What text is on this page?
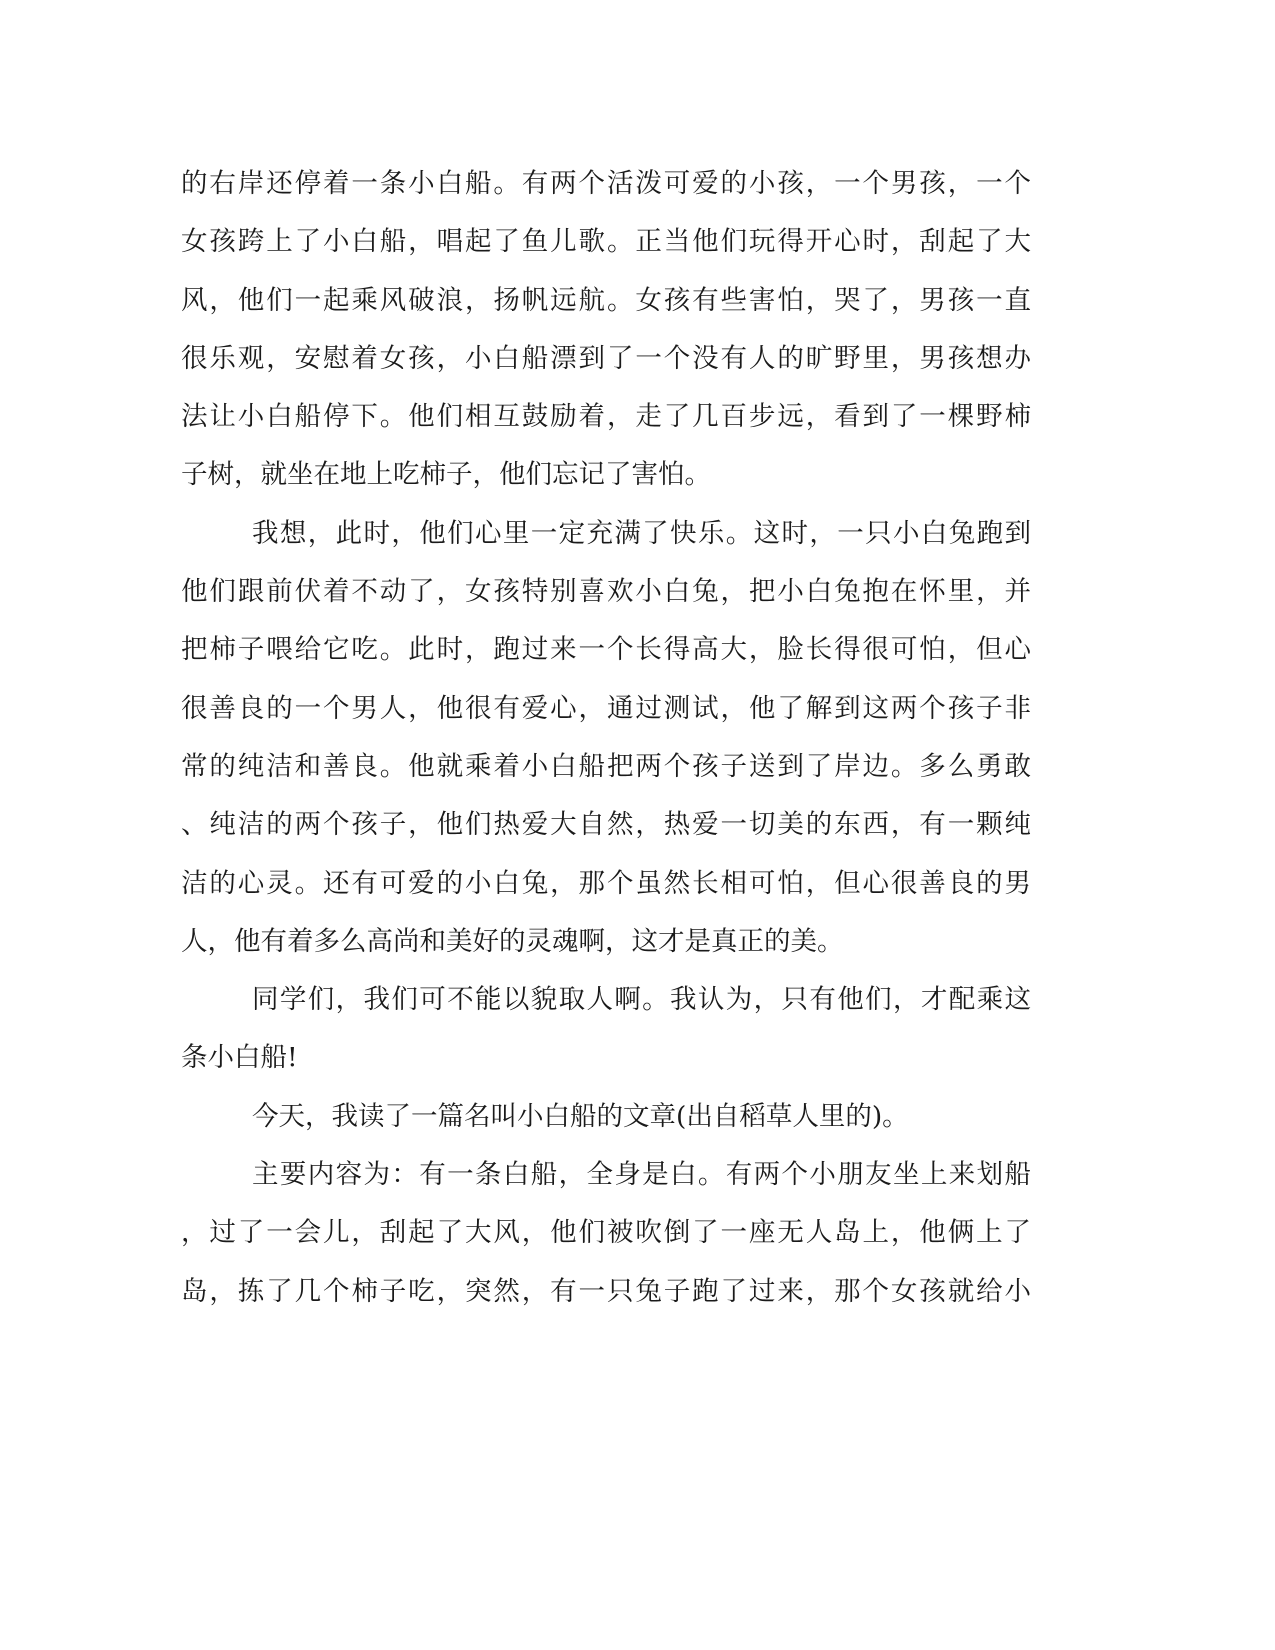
的右岸还停着一条小白船。有两个活泼可爱的小孩，一个男孩，一个
女孩跨上了小白船，唱起了鱼儿歌。正当他们玩得开心时，刮起了大
风，他们一起乘风破浪，扬帆远航。女孩有些害怕，哭了，男孩一直
很乐观，安慰着女孩，小白船漂到了一个没有人的旷野里，男孩想办
法让小白船停下。他们相互鼓励着，走了几百步远，看到了一棵野柿
子树，就坐在地上吃柿子，他们忘记了害怕。
我想，此时，他们心里一定充满了快乐。这时，一只小白兔跑到
他们跟前伏着不动了，女孩特别喜欢小白兔，把小白兔抱在怀里，并
把柿子喂给它吃。此时，跑过来一个长得高大，脸长得很可怕，但心
很善良的一个男人，他很有爱心，通过测试，他了解到这两个孩子非
常的纯洁和善良。他就乘着小白船把两个孩子送到了岸边。多么勇敢
、纯洁的两个孩子，他们热爱大自然，热爱一切美的东西，有一颗纯
洁的心灵。还有可爱的小白兔，那个虽然长相可怕，但心很善良的男
人，他有着多么高尚和美好的灵魂啊，这才是真正的美。
同学们，我们可不能以貌取人啊。我认为，只有他们，才配乘这
条小白船!
今天，我读了一篇名叫小白船的文章(出自稻草人里的)。
主要内容为：有一条白船，全身是白。有两个小朋友坐上来划船
，过了一会儿，刮起了大风，他们被吹倒了一座无人岛上，他俩上了
岛，拣了几个柿子吃，突然，有一只兔子跑了过来，那个女孩就给小
